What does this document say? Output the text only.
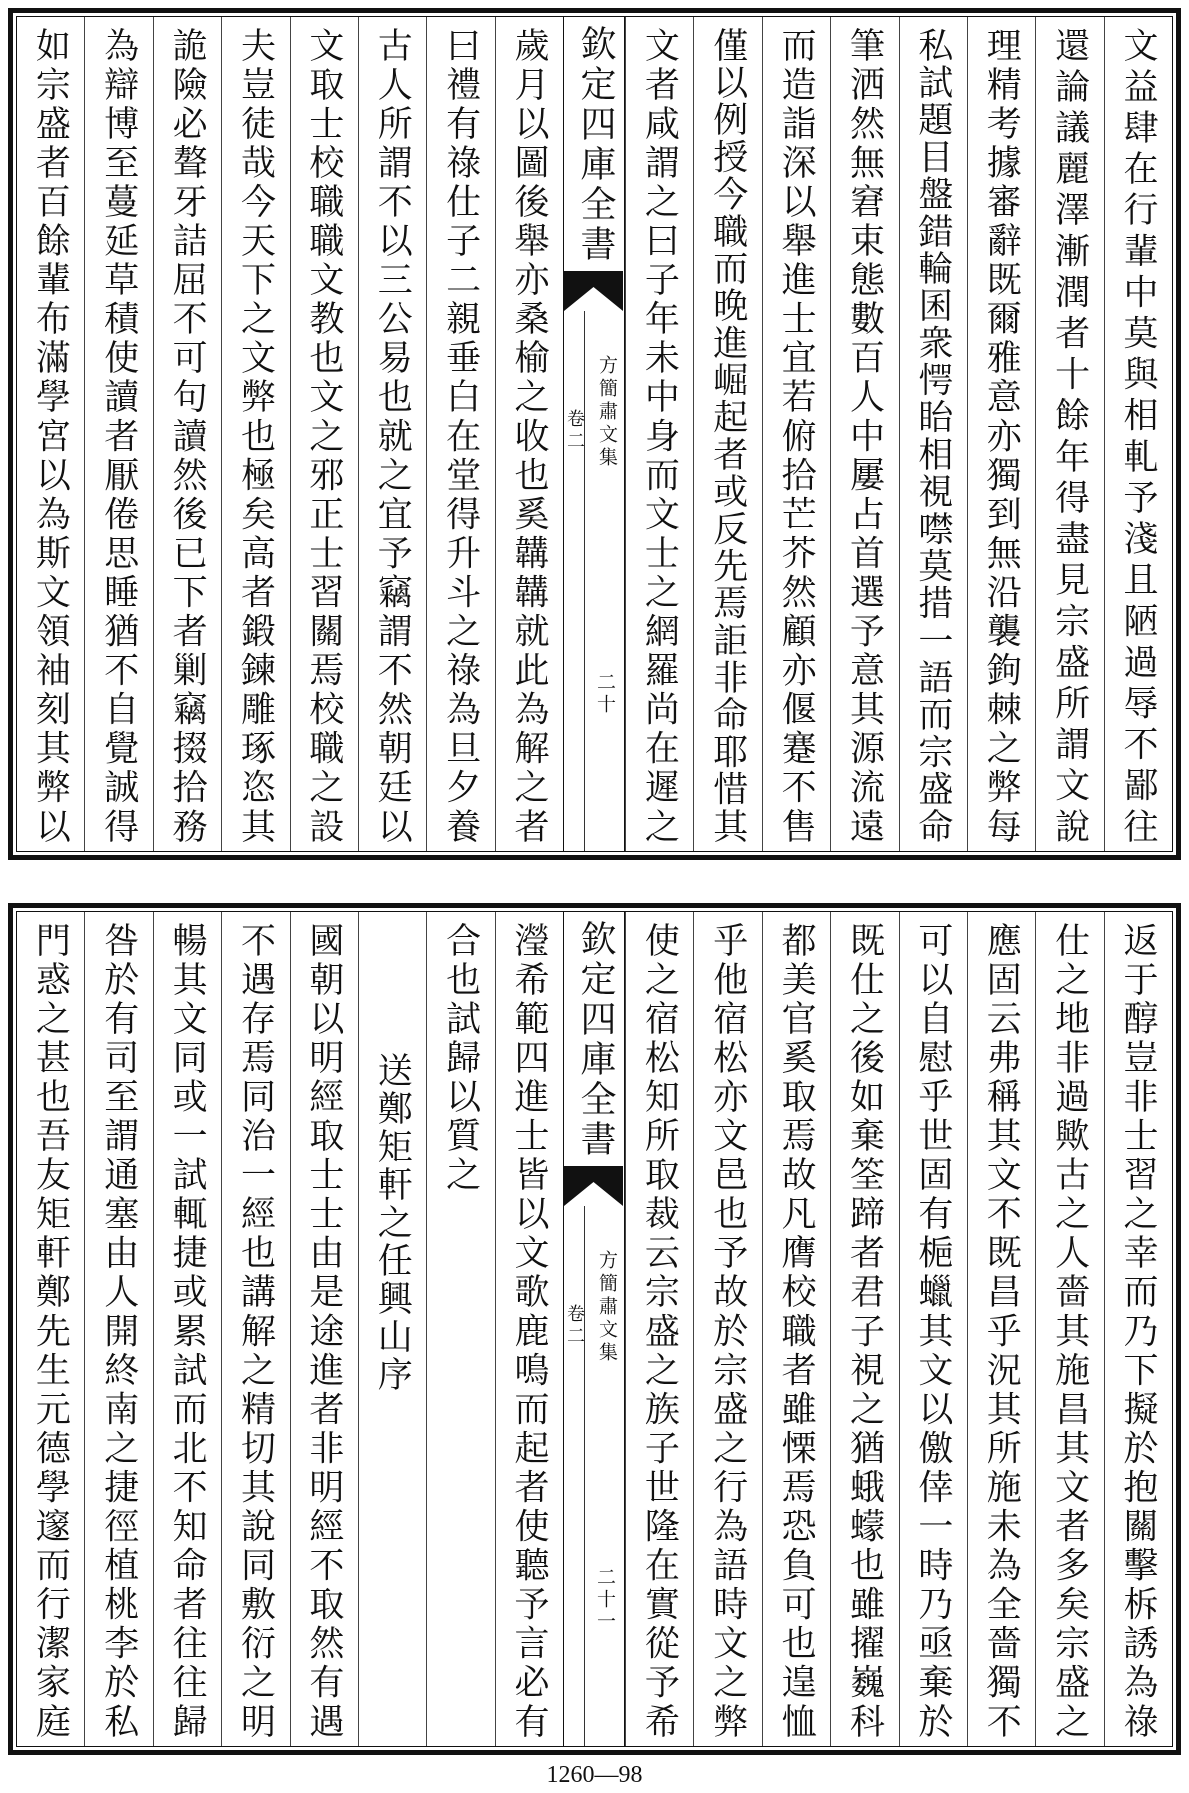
文益肆在行輩中莫與相軋予淺且陋過辱不鄙往
還論議麗澤漸潤者十餘年得盡見宗盛所謂文說
理精考據審辭既爾雅意亦獨到無沿襲鉤棘之弊每
私試題目盤錯輪囷衆愕眙相視噤莫措一語而宗盛命
筆洒然無窘束態數百人中屢占首選予意其源流遠
而造詣深以舉進士宜若俯拾芒芥然顧亦偃蹇不售
僅以例授今職而晚進崛起者或反先焉詎非命耶惜其
文者咸謂之曰子年未中身而文士之網羅尚在遲之
欽定四庫全書
方簡肅文集
卷二
二十
歲月以圖後舉亦桑榆之收也奚韝韝就此為解之者
曰禮有祿仕子二親垂白在堂得升斗之祿為旦夕養
古人所謂不以三公易也就之宜予竊謂不然朝廷以
文取士校職職文教也文之邪正士習關焉校職之設
夫豈徒哉今天下之文弊也極矣高者鍛鍊雕琢恣其
詭險必聱牙詰屈不可句讀然後已下者剿竊掇拾務
為辯博至蔓延草積使讀者厭倦思睡猶不自覺誠得
如宗盛者百餘輩布滿學宮以為斯文領袖刻其弊以
返于醇豈非士習之幸而乃下擬於抱關擊柝誘為祿
仕之地非過歟古之人嗇其施昌其文者多矣宗盛之
應固云弗稱其文不既昌乎況其所施未為全嗇獨不
可以自慰乎世固有梔蠟其文以儌倖一時乃亟棄於
既仕之後如棄筌蹄者君子視之猶蛾蠓也雖擢巍科
都美官奚取焉故凡膺校職者雖慄焉恐負可也遑恤
乎他宿松亦文邑也予故於宗盛之行為語時文之弊
使之宿松知所取裁云宗盛之族子世隆在實從予希
欽定四庫全書
方簡肅文集
卷二
二十一
瀅希範四進士皆以文歌鹿鳴而起者使聽予言必有
合也試歸以質之
送鄭矩軒之任興山序
國朝以明經取士士由是途進者非明經不取然有遇
不遇存焉同治一經也講解之精切其說同敷衍之明
暢其文同或一試輒捷或累試而北不知命者往往歸
咎於有司至謂通塞由人開終南之捷徑植桃李於私
門惑之甚也吾友矩軒鄭先生元德學邃而行潔家庭
1260—98
